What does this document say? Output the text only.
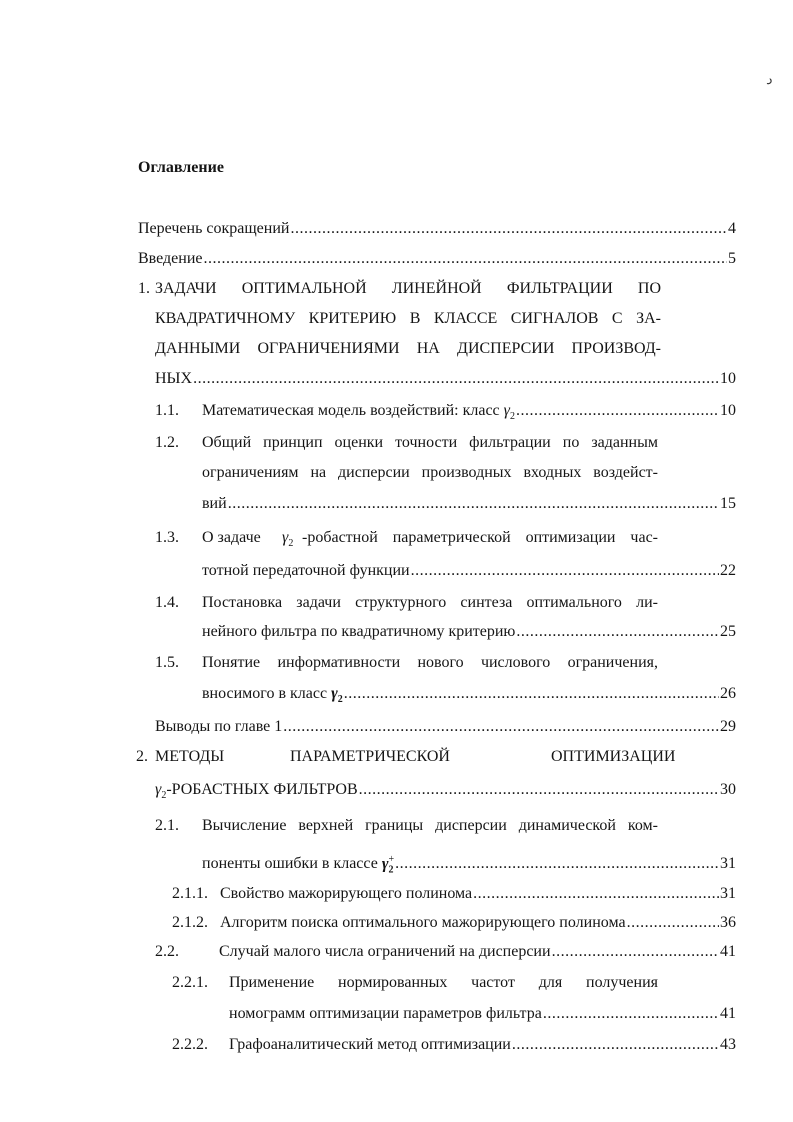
د
Оглавление
Перечень сокращений .....	4
Введение .....	5
1. ЗАДАЧИ ОПТИМАЛЬНОЙ ЛИНЕЙНОЙ ФИЛЬТРАЦИИ ПО
КВАДРАТИЧНОМУ КРИТЕРИЮ В КЛАССЕ СИГНАЛОВ С ЗА-
ДАННЫМИ ОГРАНИЧЕНИЯМИ НА ДИСПЕРСИИ ПРОИЗВОД-
НЫХ .....	10
1.1.	Математическая модель воздействий: класс $\gamma_2$ .....	10
1.2. Общий принцип оценки точности фильтрации по заданным
ограничениям на дисперсии производных входных воздейст-
вий .....	15
1.3. О задаче $\gamma_2$ -робастной параметрической оптимизации час-
тотной передаточной функции .....	22
1.4. Постановка задачи структурного синтеза оптимального ли-
нейного фильтра по квадратичному критерию .....	25
1.5. Понятие информативности нового числового ограничения,
вносимого в класс $\gamma_2$ .....	26
Выводы по главе 1 .....	29
2. МЕТОДЫ	ПАРАМЕТРИЧЕСКОЙ	ОПТИМИЗАЦИИ
$\gamma_2$ -РОБАСТНЫХ ФИЛЬТРОВ .....	30
2.1. Вычисление верхней границы дисперсии динамической ком-
поненты ошибки в классе $\gamma_2^+$ .....	31
2.1.1. Свойство мажорирующего полинома .....	31
2.1.2. Алгоритм поиска оптимального мажорирующего полинома .....	36
2.2.	Случай малого числа ограничений на дисперсии .....	41
2.2.1. Применение нормированных частот для получения
номограмм оптимизации параметров фильтра .....	41
2.2.2.	Графоаналитический метод оптимизации .....	43
